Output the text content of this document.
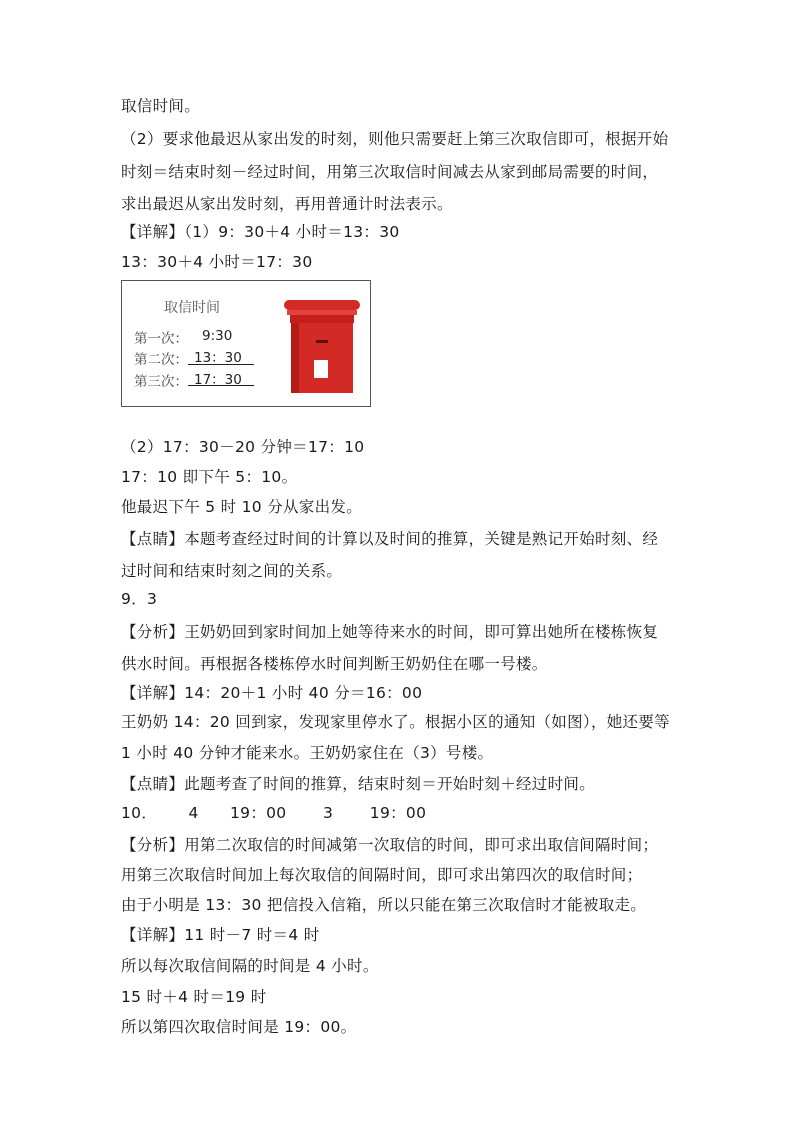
取信时间。
（2）要求他最迟从家出发的时刻，则他只需要赶上第三次取信即可，根据开始
时刻＝结束时刻－经过时间，用第三次取信时间减去从家到邮局需要的时间，
求出最迟从家出发时刻，再用普通计时法表示。
【详解】（1）9：30＋4 小时＝13：30
13：30＋4 小时＝17：30
取信时间
第一次： 9:30
第二次： 13：30
第三次： 17：30
（2）17：30－20 分钟＝17：10
17：10 即下午 5：10。
他最迟下午 5 时 10 分从家出发。
【点睛】本题考查经过时间的计算以及时间的推算，关键是熟记开始时刻、经
过时间和结束时刻之间的关系。
9．3
【分析】王奶奶回到家时间加上她等待来水的时间，即可算出她所在楼栋恢复
供水时间。再根据各楼栋停水时间判断王奶奶住在哪一号楼。
【详解】14：20＋1 小时 40 分＝16：00
王奶奶 14：20 回到家，发现家里停水了。根据小区的通知（如图），她还要等
1 小时 40 分钟才能来水。王奶奶家住在（3）号楼。
【点睛】此题考查了时间的推算，结束时刻＝开始时刻＋经过时间。
10．      4      19：00       3       19：00
【分析】用第二次取信的时间减第一次取信的时间，即可求出取信间隔时间；
用第三次取信时间加上每次取信的间隔时间，即可求出第四次的取信时间；
由于小明是 13：30 把信投入信箱，所以只能在第三次取信时才能被取走。
【详解】11 时－7 时＝4 时
所以每次取信间隔的时间是 4 小时。
15 时＋4 时＝19 时
所以第四次取信时间是 19：00。
